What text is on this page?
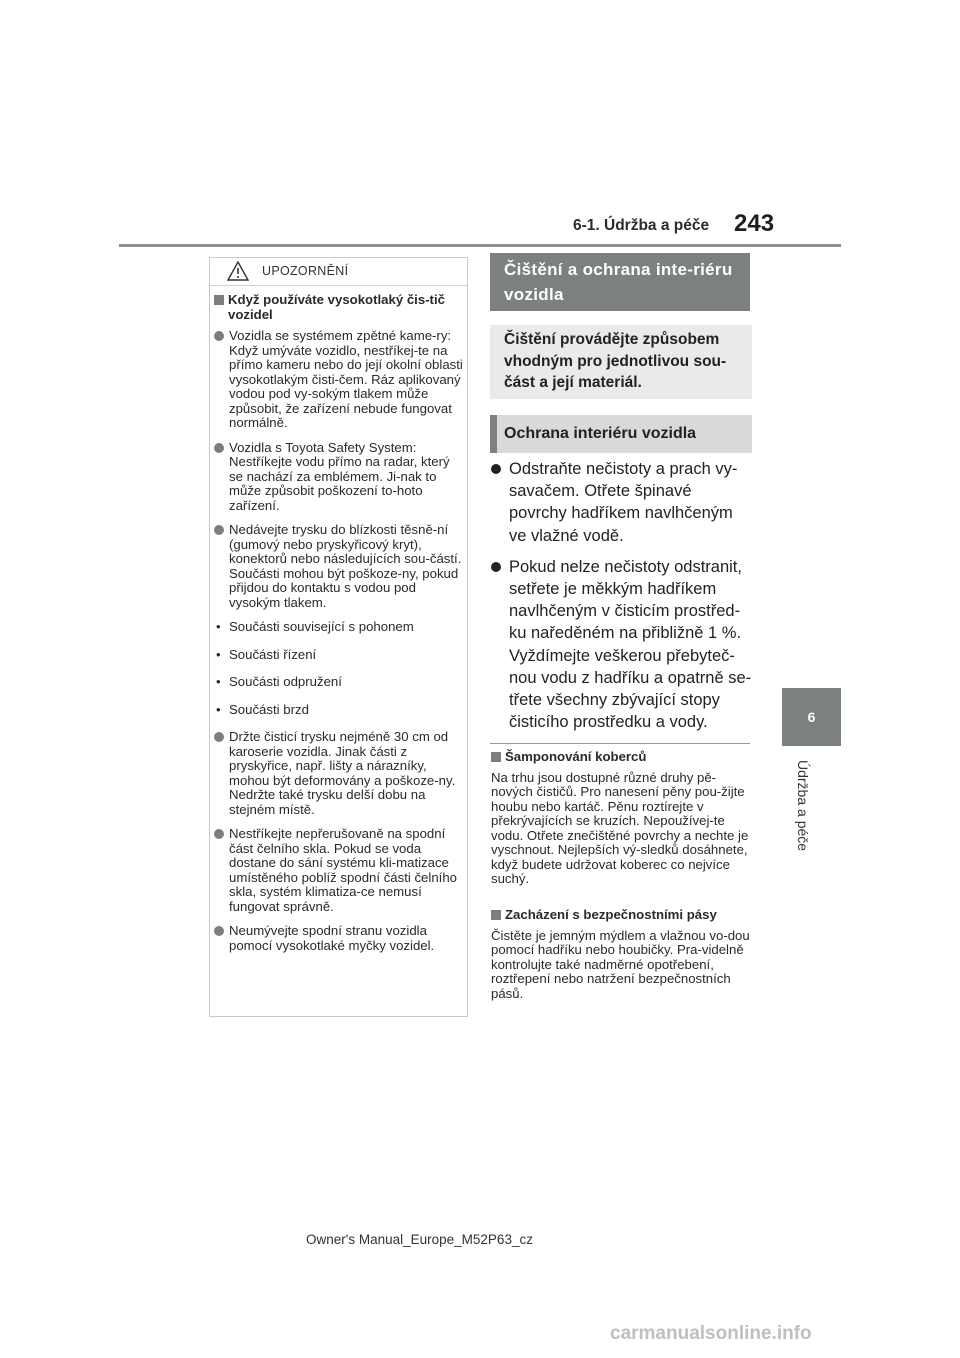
6-1. Údržba a péče 243
6
Údržba a péče
UPOZORNĚNÍ
Když používáte vysokotlaký čis-tič vozidel
Vozidla se systémem zpětné kame-ry: Když umýváte vozidlo, nestříkej-te na přímo kameru nebo do její okolní oblasti vysokotlakým čisti-čem. Ráz aplikovaný vodou pod vy-sokým tlakem může způsobit, že zařízení nebude fungovat normálně.
Vozidla s Toyota Safety System: Nestříkejte vodu přímo na radar, který se nachází za emblémem. Ji-nak to může způsobit poškození to-hoto zařízení.
Nedávejte trysku do blízkosti těsně-ní (gumový nebo pryskyřicový kryt), konektorů nebo následujících sou-částí. Součásti mohou být poškoze-ny, pokud přijdou do kontaktu s vodou pod vysokým tlakem.
• Součásti související s pohonem
• Součásti řízení
• Součásti odpružení
• Součásti brzd
Držte čisticí trysku nejméně 30 cm od karoserie vozidla. Jinak části z pryskyřice, např. lišty a nárazníky, mohou být deformovány a poškoze-ny. Nedržte také trysku delší dobu na stejném místě.
Nestříkejte nepřerušovaně na spodní část čelního skla. Pokud se voda dostane do sání systému kli-matizace umístěného poblíž spodní části čelního skla, systém klimatiza-ce nemusí fungovat správně.
Neumývejte spodní stranu vozidla pomocí vysokotlaké myčky vozidel.
Čištění a ochrana inte-riéru vozidla
Čištění provádějte způsobem vhodným pro jednotlivou sou-část a její materiál.
Ochrana interiéru vozidla
Odstraňte nečistoty a prach vy-savačem. Otřete špinavé povrchy hadříkem navlhčeným ve vlažné vodě.
Pokud nelze nečistoty odstranit, setřete je měkkým hadříkem navlhčeným v čisticím prostřed-ku naředěném na přibližně 1 %. Vyždímejte veškerou přebyteč-nou vodu z hadříku a opatrně se-třete všechny zbývající stopy čisticího prostředku a vody.
Šamponování koberců
Na trhu jsou dostupné různé druhy pě-nových čističů. Pro nanesení pěny pou-žijte houbu nebo kartáč. Pěnu roztírejte v překrývajících se kruzích. Nepoužívej-te vodu. Otřete znečištěné povrchy a nechte je vyschnout. Nejlepších vý-sledků dosáhnete, když budete udržovat koberec co nejvíce suchý.
Zacházení s bezpečnostními pásy
Čistěte je jemným mýdlem a vlažnou vo-dou pomocí hadříku nebo houbičky. Pra-videlně kontrolujte také nadměrné opotřebení, roztřepení nebo natržení bezpečnostních pásů.
Owner's Manual_Europe_M52P63_cz
carmanualsonline.info
